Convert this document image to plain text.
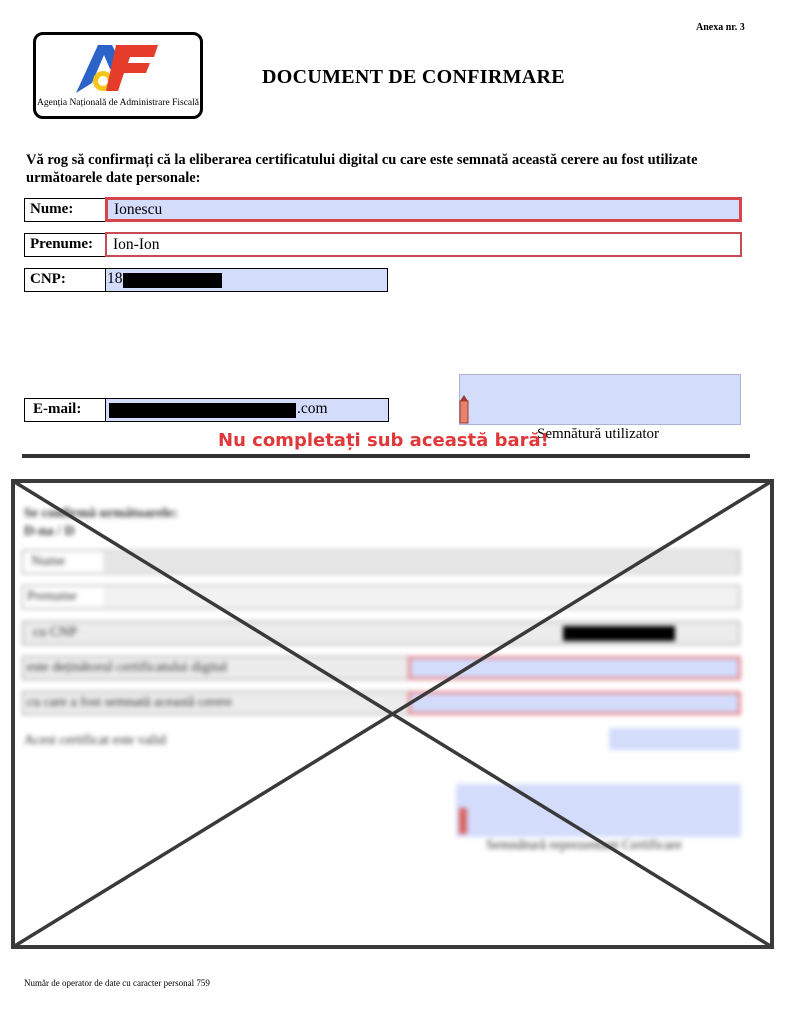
Anexa nr. 3
Agenția Națională de Administrare Fiscală
DOCUMENT DE CONFIRMARE
Vă rog să confirmați că la eliberarea certificatului digital cu care este semnată această cerere au fost utilizate următoarele date personale:
Nume:	Ionescu
Prenume:	Ion-Ion
CNP:	18
E-mail:	.com
Semnătură utilizator
Nu completați sub această bară!
Se confirmă următoarele:
D-na / D
Nume
Prenume
cu CNP
este deținătorul certificatului digital
cu care a fost semnată această cerere
Acest certificat este valid
Semnătură reprezentant Certificare
Număr de operator de date cu caracter personal 759
